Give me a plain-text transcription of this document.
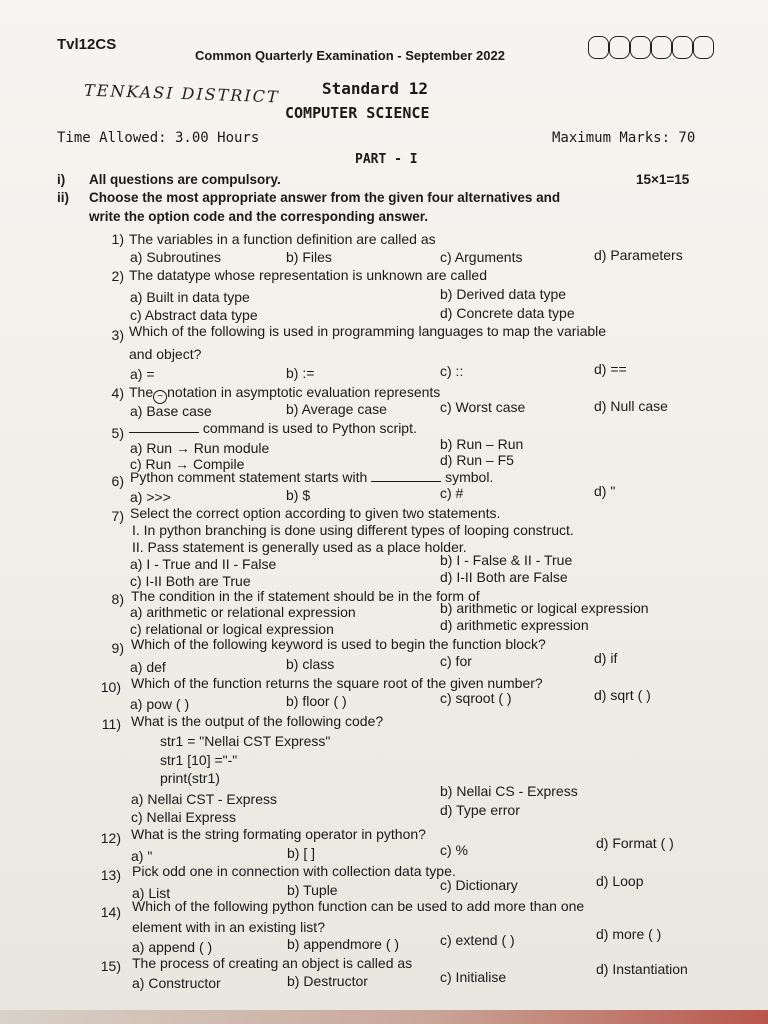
Tvl12CS
Common Quarterly Examination - September 2022
TENKASI DISTRICT	Standard 12
COMPUTER SCIENCE
Time Allowed: 3.00 Hours	Maximum Marks: 70
PART - I
i) All questions are compulsory.	15×1=15
ii) Choose the most appropriate answer from the given four alternatives and
write the option code and the corresponding answer.
1) The variables in a function definition are called as
a) Subroutines	b) Files	c) Arguments	d) Parameters
2) The datatype whose representation is unknown are called
a) Built in data type	b) Derived data type
c) Abstract data type	d) Concrete data type
3) Which of the following is used in programming languages to map the variable
and object?
a) =	b) :=	c) ::	d) ==
4) The ~ notation in asymptotic evaluation represents
a) Base case	b) Average case	c) Worst case	d) Null case
5)	command is used to Python script.
a) Run → Run module	b) Run – Run
c) Run → Compile	d) Run – F5
6) Python comment statement starts with	symbol.
a) >>>	b) $	c) #	d) "
7) Select the correct option according to given two statements.
I. In python branching is done using different types of looping construct.
II. Pass statement is generally used as a place holder.
a) I - True and II - False	b) I - False & II - True
c) I-II Both are True	d) I-II Both are False
8) The condition in the if statement should be in the form of
a) arithmetic or relational expression	b) arithmetic or logical expression
c) relational or logical expression	d) arithmetic expression
9) Which of the following keyword is used to begin the function block?
a) def	b) class	c) for	d) if
10) Which of the function returns the square root of the given number?
a) pow ( )	b) floor ( )	c) sqroot ( )	d) sqrt ( )
11) What is the output of the following code?
str1 = "Nellai CST Express"
str1 [10] ="-"
print(str1)
a) Nellai CST - Express	b) Nellai CS - Express
c) Nellai Express	d) Type error
12) What is the string formating operator in python?
a) "	b) [ ]	c) %	d) Format ( )
13) Pick odd one in connection with collection data type.
a) List	b) Tuple	c) Dictionary	d) Loop
14) Which of the following python function can be used to add more than one
element with in an existing list?
a) append ( )	b) appendmore ( )	c) extend ( )	d) more ( )
15) The process of creating an object is called as
a) Constructor	b) Destructor	c) Initialise	d) Instantiation
